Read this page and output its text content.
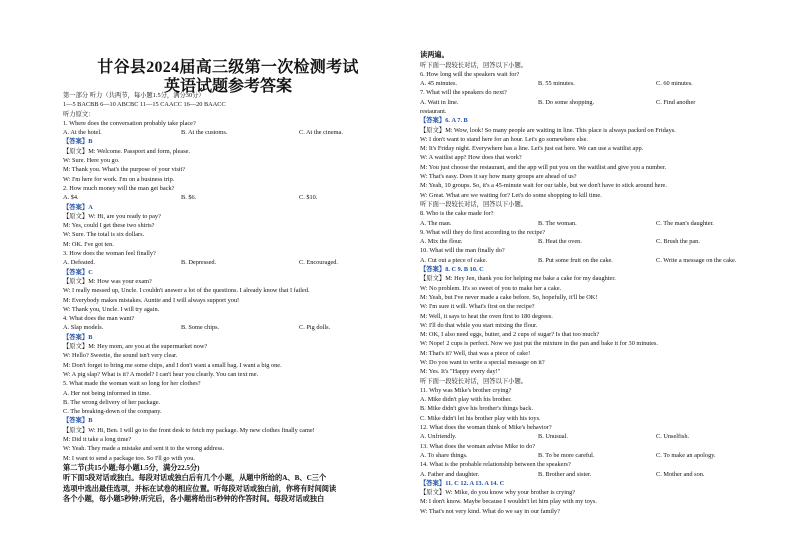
甘谷县2024届高三级第一次检测考试
英语试题参考答案
第一部分 听力（共两节，每小题1.5分，满分30分）
1—5 BACBB 6—10 ABCBC 11—15 CAACC 16—20 BAACC
听力原文：
1. Where does the conversation probably take place?
A. At the hotel.	B. At the customs.	C. At the cinema.
【答案】B
【原文】M: Welcome. Passport and form, please.
W: Sure. Here you go.
M: Thank you. What's the purpose of your visit?
W: I'm here for work. I'm on a business trip.
2. How much money will the man get back?
A. $4.	B. $6.	C. $10.
【答案】A
【原文】W: Hi, are you ready to pay?
M: Yes, could I get these two shirts?
W: Sure. The total is six dollars.
M: OK. I've got ten.
3. How does the woman feel finally?
A. Defeated.	B. Depressed.	C. Encouraged.
【答案】C
【原文】M: How was your exam?
W: I really messed up, Uncle. I couldn't answer a lot of the questions. I already know that I failed.
M: Everybody makes mistakes. Auntie and I will always support you!
W: Thank you, Uncle. I will try again.
4. What does the man want?
A. Slap models.	B. Some chips.	C. Pig dolls.
【答案】B
【原文】M: Hey mom, are you at the supermarket now?
W: Hello? Sweetie, the sound isn't very clear.
M: Don't forget to bring me some chips, and I don't want a small bag. I want a big one.
W: A pig slap? What is it? A model? I can't hear you clearly. You can text me.
5. What made the woman wait so long for her clothes?
A. Her not being informed in time.
B. The wrong delivery of her package.
C. The breaking-down of the company.
【答案】B
【原文】W: Hi, Ben. I will go to the front desk to fetch my package. My new clothes finally came!
M: Did it take a long time?
W: Yeah. They made a mistake and sent it to the wrong address.
M: I want to send a package too. So I'll go with you.
第二节(共15小题;每小题1.5分，满分22.5分)
听下面5段对话或独白。每段对话或独白后有几个小题，从题中所给的A、B、C三个
选项中选出最佳选项，并标在试卷的相应位置。听每段对话或独白前，你将有时间阅读
各个小题，每小题5秒钟;听完后，各小题将给出5秒钟的作答时间。每段对话或独白
读两遍。
听下面一段较长对话，回答以下小题。
6. How long will the speakers wait for?
A. 45 minutes.	B. 55 minutes.	C. 60 minutes.
7. What will the speakers do next?
A. Wait in line.	B. Do some shopping.	C. Find another
restaurant.
【答案】6. A 7. B
【原文】M: Wow, look! So many people are waiting in line. This place is always packed on Fridays.
W: I don't want to stand here for an hour. Let's go somewhere else.
M: It's Friday night. Everywhere has a line. Let's just eat here. We can use a waitlist app.
W: A waitlist app? How does that work?
M: You just choose the restaurant, and the app will put you on the waitlist and give you a number.
W: That's easy. Does it say how many groups are ahead of us?
M: Yeah, 10 groups. So, it's a 45-minute wait for our table, but we don't have to stick around here.
W: Great. What are we waiting for? Let's do some shopping to kill time.
听下面一段较长对话，回答以下小题。
8. Who is the cake made for?
A. The man.	B. The woman.	C. The man's daughter.
9. What will they do first according to the recipe?
A. Mix the flour.	B. Heat the oven.	C. Brush the pan.
10. What will the man finally do?
A. Cut out a piece of cake.	B. Put some fruit on the cake.	C. Write a message on the cake.
【答案】8. C 9. B 10. C
【原文】M: Hey Jen, thank you for helping me bake a cake for my daughter.
W: No problem. It's so sweet of you to make her a cake.
M: Yeah, but I've never made a cake before. So, hopefully, it'll be OK!
W: I'm sure it will. What's first on the recipe?
M: Well, it says to heat the oven first to 180 degrees.
W: I'll do that while you start mixing the flour.
M: OK, I also need eggs, butter, and 2 cups of sugar? Is that too much?
W: Nope! 2 cups is perfect. Now we just put the mixture in the pan and bake it for 30 minutes.
M: That's it? Well, that was a piece of cake!
W: Do you want to write a special message on it?
M: Yes. It's "Happy every day!"
听下面一段较长对话，回答以下小题。
11. Why was Mike's brother crying?
A. Mike didn't play with his brother.
B. Mike didn't give his brother's things back.
C. Mike didn't let his brother play with his toys.
12. What does the woman think of Mike's behavior?
A. Unfriendly.	B. Unusual.	C. Unselfish.
13. What does the woman advise Mike to do?
A. To share things.	B. To be more careful.	C. To make an apology.
14. What is the probable relationship between the speakers?
A. Father and daughter.	B. Brother and sister.	C. Mother and son.
【答案】11. C 12. A 13. A 14. C
【原文】W: Mike, do you know why your brother is crying?
M: I don't know. Maybe because I wouldn't let him play with my toys.
W: That's not very kind. What do we say in our family?
